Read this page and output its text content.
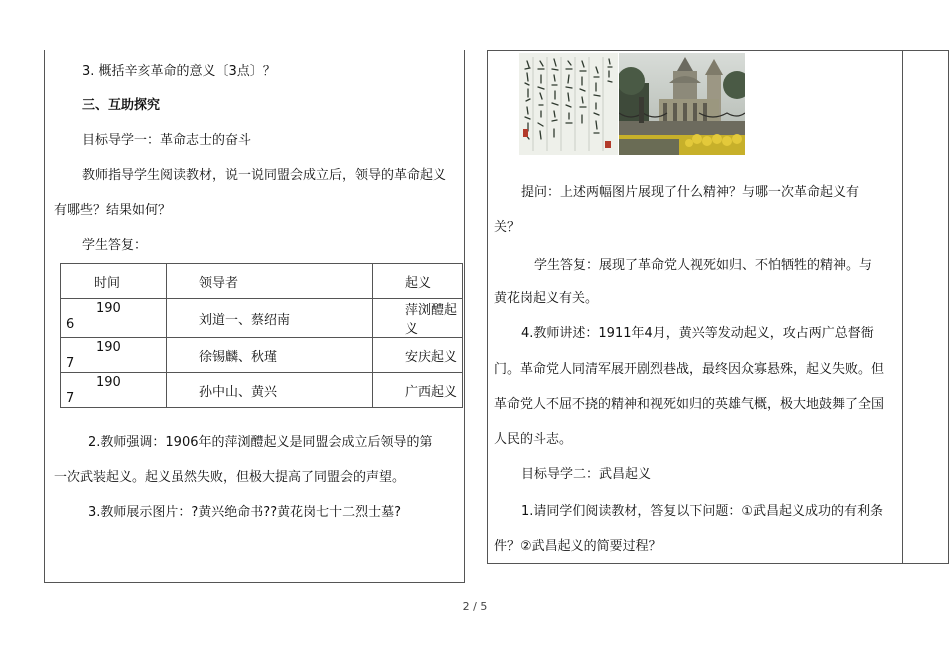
3. 概括辛亥革命的意义〔3点〕？
三、互助探究
目标导学一：革命志士的奋斗
教师指导学生阅读教材，说一说同盟会成立后，领导的革命起义
有哪些？结果如何？
学生答复：
时间	领导者	起义

190
6	刘道一、蔡绍南	萍浏醴起义

190
7	徐锡麟、秋瑾	安庆起义

190
7	孙中山、黄兴	广西起义
2.教师强调：1906年的萍浏醴起义是同盟会成立后领导的第
一次武装起义。起义虽然失败，但极大提高了同盟会的声望。
3.教师展示图片：?黄兴绝命书??黄花岗七十二烈士墓?
提问：上述两幅图片展现了什么精神？与哪一次革命起义有
关？
学生答复：展现了革命党人视死如归、不怕牺牲的精神。与
黄花岗起义有关。
4.教师讲述：1911年4月，黄兴等发动起义，攻占两广总督衙
门。革命党人同清军展开剧烈巷战，最终因众寡悬殊，起义失败。但
革命党人不屈不挠的精神和视死如归的英雄气概，极大地鼓舞了全国
人民的斗志。
目标导学二：武昌起义
1.请同学们阅读教材，答复以下问题：①武昌起义成功的有利条
件？②武昌起义的简要过程？
2 / 5
